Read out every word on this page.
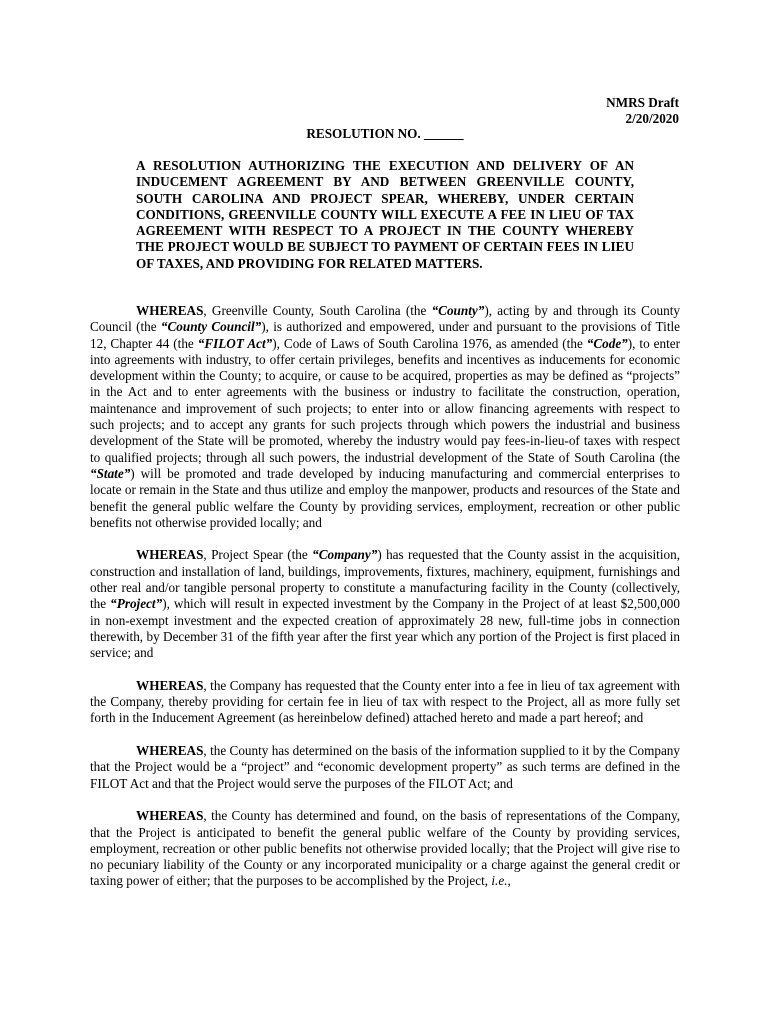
NMRS Draft
2/20/2020
RESOLUTION NO. ______
A RESOLUTION AUTHORIZING THE EXECUTION AND DELIVERY OF AN INDUCEMENT AGREEMENT BY AND BETWEEN GREENVILLE COUNTY, SOUTH CAROLINA AND PROJECT SPEAR, WHEREBY, UNDER CERTAIN CONDITIONS, GREENVILLE COUNTY WILL EXECUTE A FEE IN LIEU OF TAX AGREEMENT WITH RESPECT TO A PROJECT IN THE COUNTY WHEREBY THE PROJECT WOULD BE SUBJECT TO PAYMENT OF CERTAIN FEES IN LIEU OF TAXES, AND PROVIDING FOR RELATED MATTERS.

WHEREAS, Greenville County, South Carolina (the “County”), acting by and through its County Council (the “County Council”), is authorized and empowered, under and pursuant to the provisions of Title 12, Chapter 44 (the “FILOT Act”), Code of Laws of South Carolina 1976, as amended (the “Code”), to enter into agreements with industry, to offer certain privileges, benefits and incentives as inducements for economic development within the County; to acquire, or cause to be acquired, properties as may be defined as “projects” in the Act and to enter agreements with the business or industry to facilitate the construction, operation, maintenance and improvement of such projects; to enter into or allow financing agreements with respect to such projects; and to accept any grants for such projects through which powers the industrial and business development of the State will be promoted, whereby the industry would pay fees-in-lieu-of taxes with respect to qualified projects; through all such powers, the industrial development of the State of South Carolina (the “State”) will be promoted and trade developed by inducing manufacturing and commercial enterprises to locate or remain in the State and thus utilize and employ the manpower, products and resources of the State and benefit the general public welfare the County by providing services, employment, recreation or other public benefits not otherwise provided locally; and

WHEREAS, Project Spear (the “Company”) has requested that the County assist in the acquisition, construction and installation of land, buildings, improvements, fixtures, machinery, equipment, furnishings and other real and/or tangible personal property to constitute a manufacturing facility in the County (collectively, the “Project”), which will result in expected investment by the Company in the Project of at least $2,500,000 in non-exempt investment and the expected creation of approximately 28 new, full-time jobs in connection therewith, by December 31 of the fifth year after the first year which any portion of the Project is first placed in service; and

WHEREAS, the Company has requested that the County enter into a fee in lieu of tax agreement with the Company, thereby providing for certain fee in lieu of tax with respect to the Project, all as more fully set forth in the Inducement Agreement (as hereinbelow defined) attached hereto and made a part hereof; and

WHEREAS, the County has determined on the basis of the information supplied to it by the Company that the Project would be a “project” and “economic development property” as such terms are defined in the FILOT Act and that the Project would serve the purposes of the FILOT Act; and

WHEREAS, the County has determined and found, on the basis of representations of the Company, that the Project is anticipated to benefit the general public welfare of the County by providing services, employment, recreation or other public benefits not otherwise provided locally; that the Project will give rise to no pecuniary liability of the County or any incorporated municipality or a charge against the general credit or taxing power of either; that the purposes to be accomplished by the Project, i.e.,
